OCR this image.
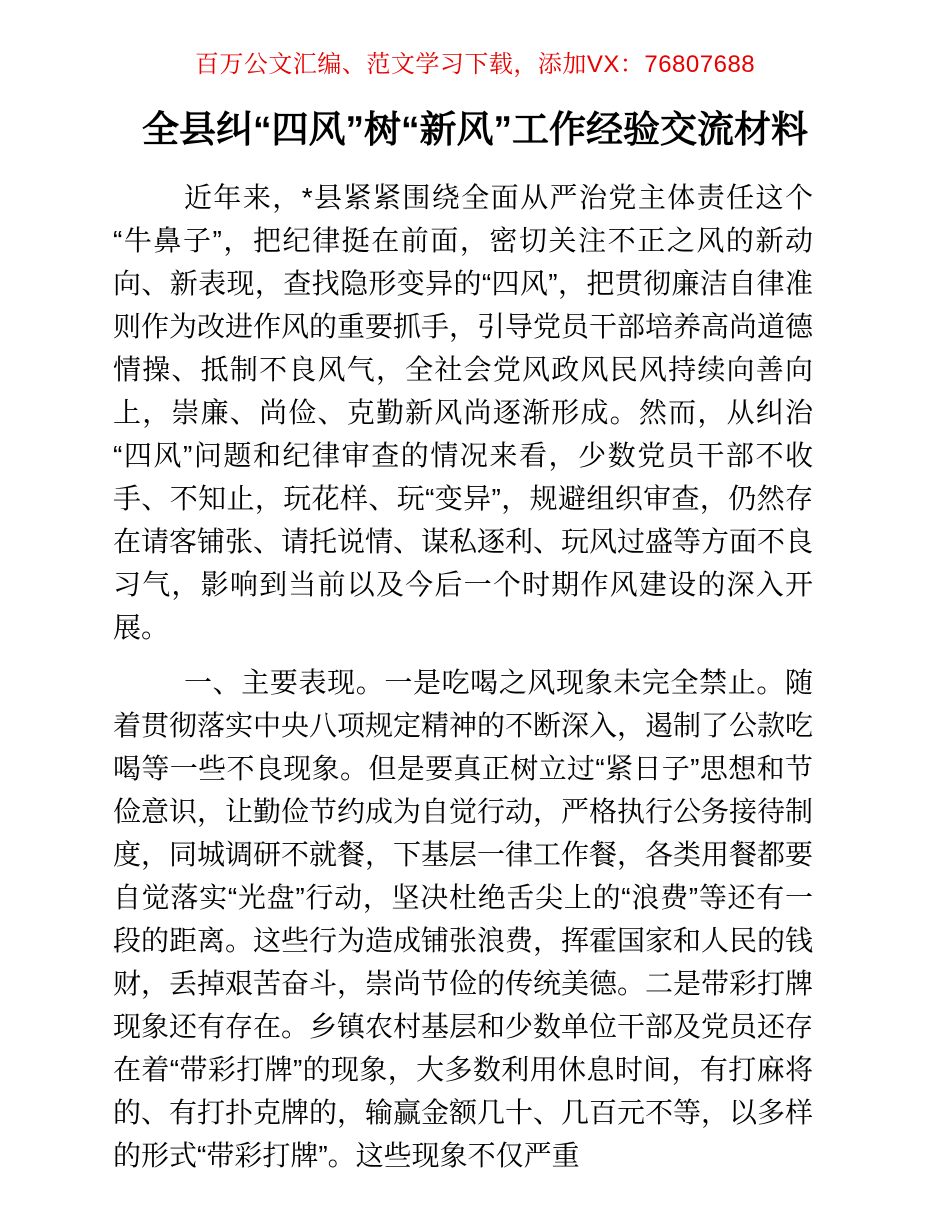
百万公文汇编、范文学习下载，添加VX：76807688
全县纠“四风”树“新风”工作经验交流材料

近年来，*县紧紧围绕全面从严治党主体责任这个“牛鼻子”，把纪律挺在前面，密切关注不正之风的新动向、新表现，查找隐形变异的“四风”，把贯彻廉洁自律准则作为改进作风的重要抓手，引导党员干部培养高尚道德情操、抵制不良风气，全社会党风政风民风持续向善向上，崇廉、尚俭、克勤新风尚逐渐形成。然而，从纠治“四风”问题和纪律审查的情况来看，少数党员干部不收手、不知止，玩花样、玩“变异”，规避组织审查，仍然存在请客铺张、请托说情、谋私逐利、玩风过盛等方面不良习气，影响到当前以及今后一个时期作风建设的深入开展。

一、主要表现。一是吃喝之风现象未完全禁止。随着贯彻落实中央八项规定精神的不断深入，遏制了公款吃喝等一些不良现象。但是要真正树立过“紧日子”思想和节俭意识，让勤俭节约成为自觉行动，严格执行公务接待制度，同城调研不就餐，下基层一律工作餐，各类用餐都要自觉落实“光盘”行动，坚决杜绝舌尖上的“浪费”等还有一段的距离。这些行为造成铺张浪费，挥霍国家和人民的钱财，丢掉艰苦奋斗，崇尚节俭的传统美德。二是带彩打牌现象还有存在。乡镇农村基层和少数单位干部及党员还存在着“带彩打牌”的现象，大多数利用休息时间，有打麻将的、有打扑克牌的，输赢金额几十、几百元不等，以多样的形式“带彩打牌”。这些现象不仅严重
